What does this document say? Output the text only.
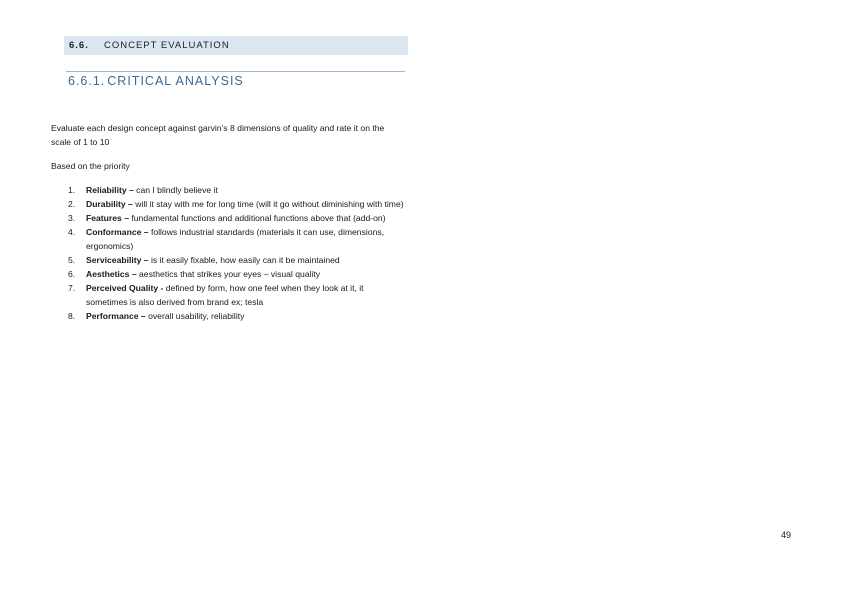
6.6. CONCEPT EVALUATION
6.6.1. CRITICAL ANALYSIS
Evaluate each design concept against garvin’s 8 dimensions of quality and rate it on the scale of 1 to 10
Based on the priority
1. Reliability – can I blindly believe it
2. Durability – will it stay with me for long time (will it go without diminishing with time)
3. Features – fundamental functions and additional functions above that (add-on)
4. Conformance – follows industrial standards (materials it can use, dimensions, ergonomics)
5. Serviceability – is it easily fixable, how easily can it be maintained
6. Aesthetics – aesthetics that strikes your eyes – visual quality
7. Perceived Quality - defined by form, how one feel when they look at it, it sometimes is also derived from brand ex; tesla
8. Performance – overall usability, reliability
49
